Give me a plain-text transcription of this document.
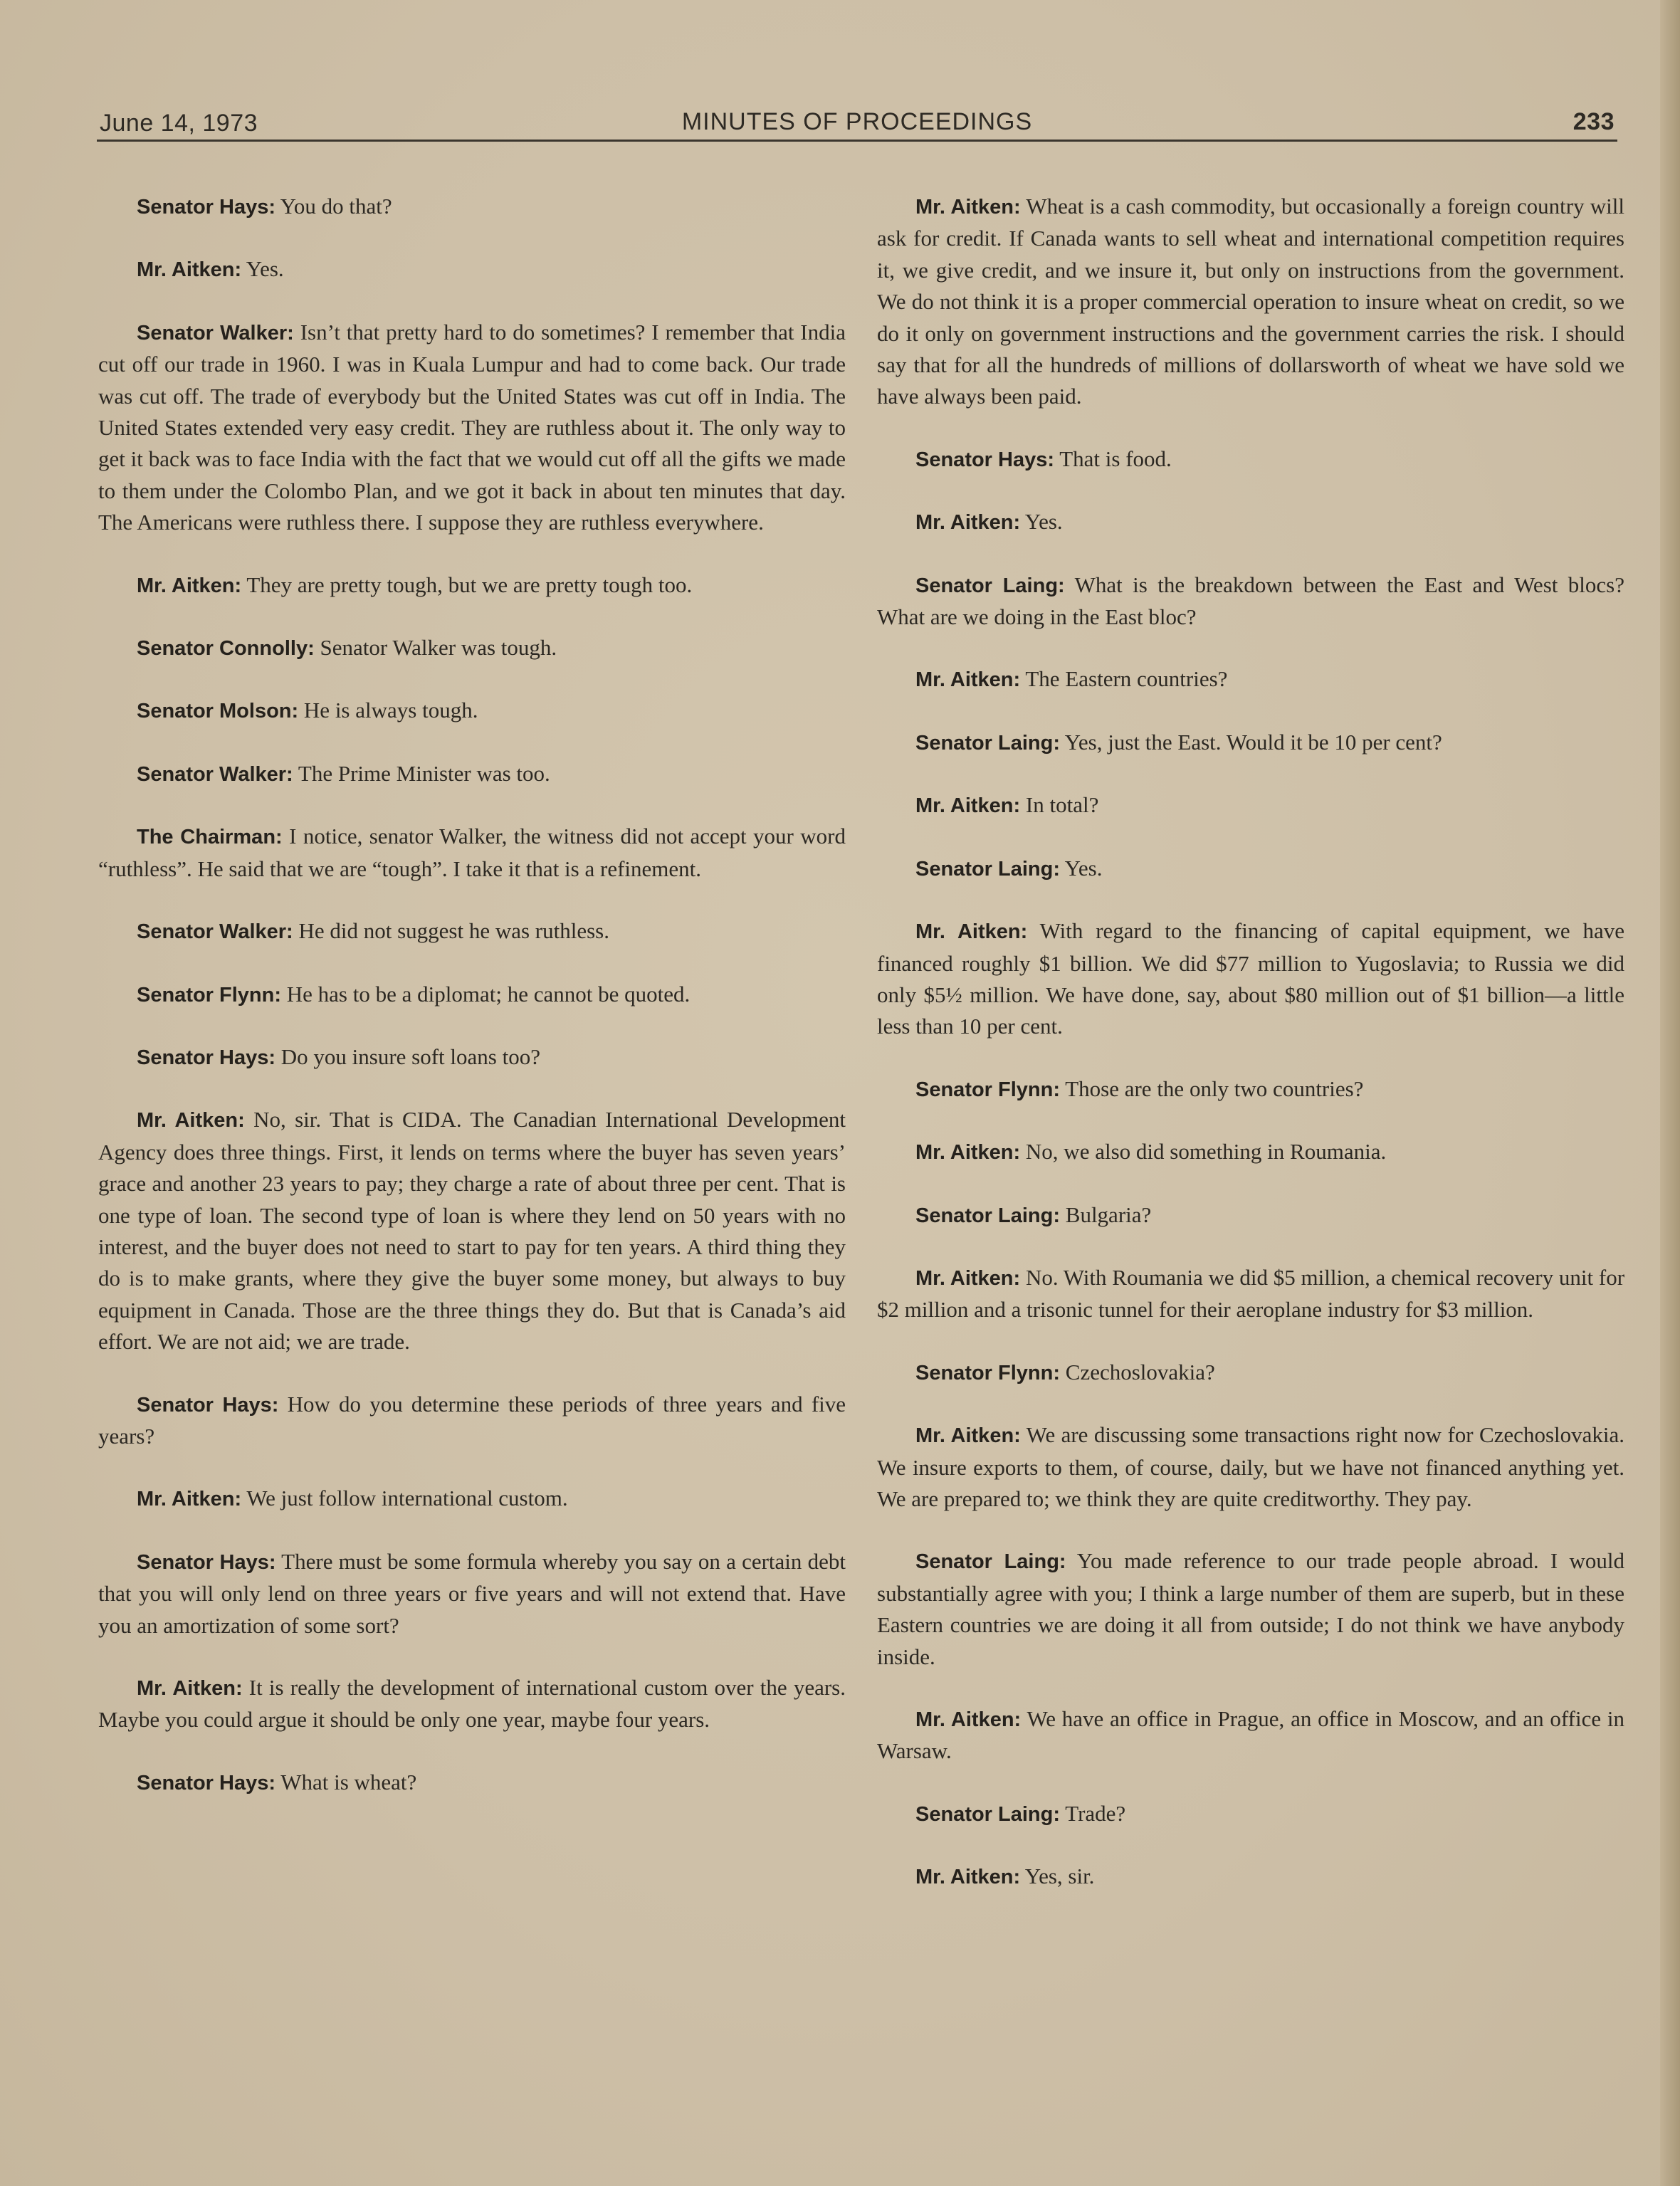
June 14, 1973	MINUTES OF PROCEEDINGS	233

Senator Hays: You do that?

Mr. Aitken: Yes.

Senator Walker: Isn’t that pretty hard to do sometimes? I remember that India cut off our trade in 1960. I was in Kuala Lumpur and had to come back. Our trade was cut off. The trade of everybody but the United States was cut off in India. The United States extended very easy credit. They are ruthless about it. The only way to get it back was to face India with the fact that we would cut off all the gifts we made to them under the Colombo Plan, and we got it back in about ten minutes that day. The Americans were ruthless there. I suppose they are ruthless everywhere.

Mr. Aitken: They are pretty tough, but we are pretty tough too.

Senator Connolly: Senator Walker was tough.

Senator Molson: He is always tough.

Senator Walker: The Prime Minister was too.

The Chairman: I notice, senator Walker, the witness did not accept your word “ruthless”. He said that we are “tough”. I take it that is a refinement.

Senator Walker: He did not suggest he was ruthless.

Senator Flynn: He has to be a diplomat; he cannot be quoted.

Senator Hays: Do you insure soft loans too?

Mr. Aitken: No, sir. That is CIDA. The Canadian International Development Agency does three things. First, it lends on terms where the buyer has seven years’ grace and another 23 years to pay; they charge a rate of about three per cent. That is one type of loan. The second type of loan is where they lend on 50 years with no interest, and the buyer does not need to start to pay for ten years. A third thing they do is to make grants, where they give the buyer some money, but always to buy equipment in Canada. Those are the three things they do. But that is Canada’s aid effort. We are not aid; we are trade.

Senator Hays: How do you determine these periods of three years and five years?

Mr. Aitken: We just follow international custom.

Senator Hays: There must be some formula whereby you say on a certain debt that you will only lend on three years or five years and will not extend that. Have you an amortization of some sort?

Mr. Aitken: It is really the development of international custom over the years. Maybe you could argue it should be only one year, maybe four years.

Senator Hays: What is wheat?

Mr. Aitken: Wheat is a cash commodity, but occasionally a foreign country will ask for credit. If Canada wants to sell wheat and international competition requires it, we give credit, and we insure it, but only on instructions from the government. We do not think it is a proper commercial operation to insure wheat on credit, so we do it only on government instructions and the government carries the risk. I should say that for all the hundreds of millions of dollarsworth of wheat we have sold we have always been paid.

Senator Hays: That is food.

Mr. Aitken: Yes.

Senator Laing: What is the breakdown between the East and West blocs? What are we doing in the East bloc?

Mr. Aitken: The Eastern countries?

Senator Laing: Yes, just the East. Would it be 10 per cent?

Mr. Aitken: In total?

Senator Laing: Yes.

Mr. Aitken: With regard to the financing of capital equipment, we have financed roughly $1 billion. We did $77 million to Yugoslavia; to Russia we did only $5½ million. We have done, say, about $80 million out of $1 billion—a little less than 10 per cent.

Senator Flynn: Those are the only two countries?

Mr. Aitken: No, we also did something in Roumania.

Senator Laing: Bulgaria?

Mr. Aitken: No. With Roumania we did $5 million, a chemical recovery unit for $2 million and a trisonic tunnel for their aeroplane industry for $3 million.

Senator Flynn: Czechoslovakia?

Mr. Aitken: We are discussing some transactions right now for Czechoslovakia. We insure exports to them, of course, daily, but we have not financed anything yet. We are prepared to; we think they are quite creditworthy. They pay.

Senator Laing: You made reference to our trade people abroad. I would substantially agree with you; I think a large number of them are superb, but in these Eastern countries we are doing it all from outside; I do not think we have anybody inside.

Mr. Aitken: We have an office in Prague, an office in Moscow, and an office in Warsaw.

Senator Laing: Trade?

Mr. Aitken: Yes, sir.
